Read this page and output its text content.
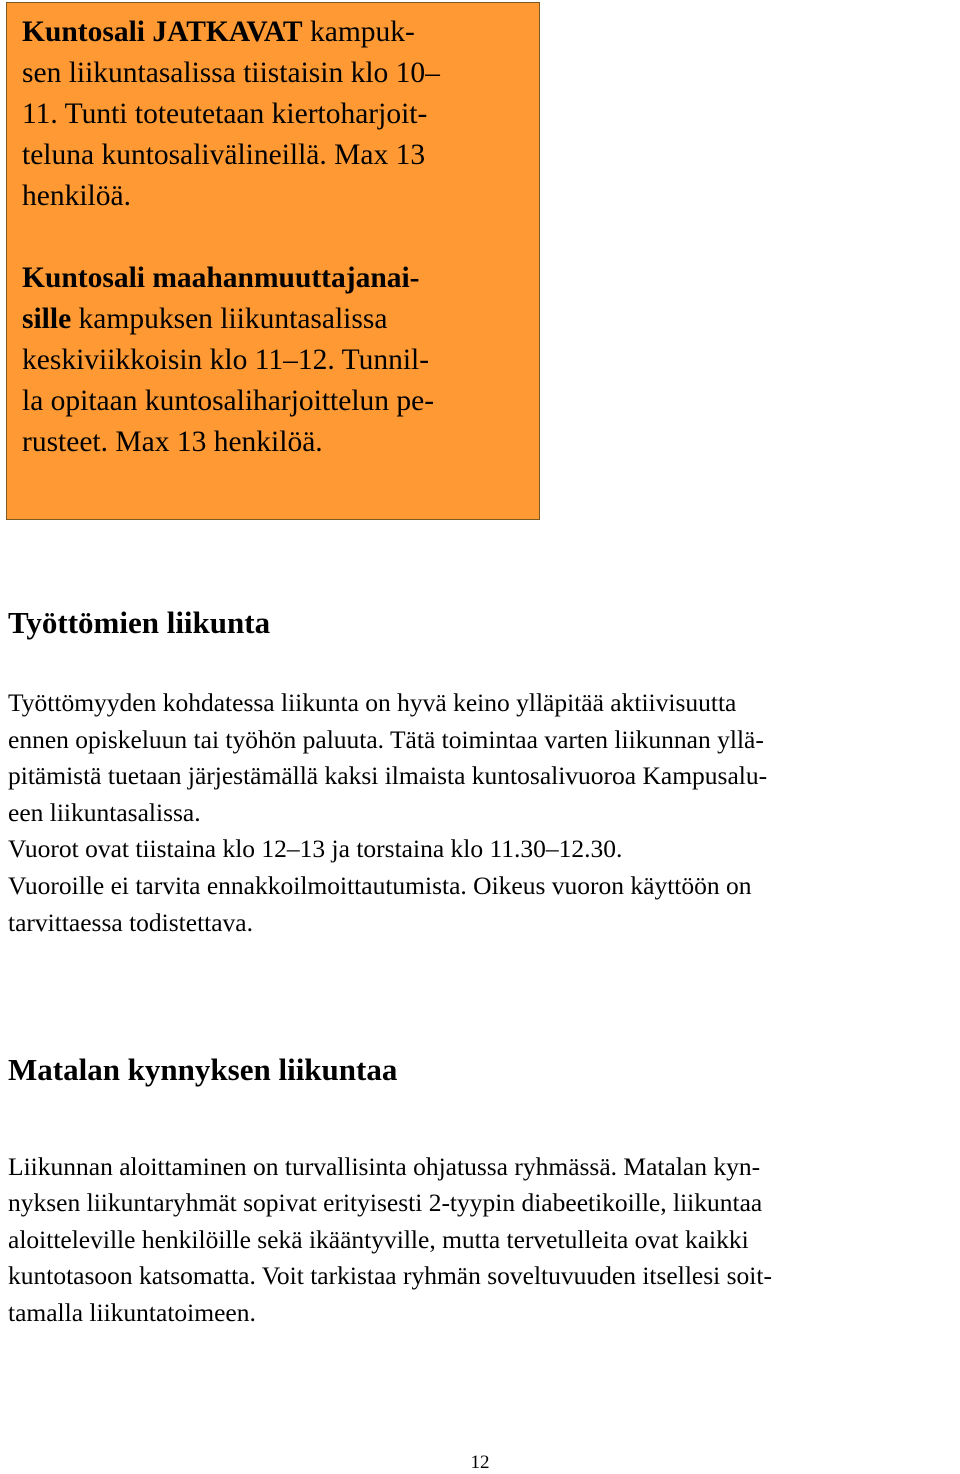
Kuntosali JATKAVAT kampuk-
sen liikuntasalissa tiistaisin klo 10–
11. Tunti toteutetaan kiertoharjoit-
teluna kuntosalivälineillä. Max 13
henkilöä.

Kuntosali maahanmuuttajanai-
sille kampuksen liikuntasalissa
keskiviikkoisin klo 11–12. Tunnil-
la opitaan kuntosaliharjoittelun pe-
rusteet. Max 13 henkilöä.

Työttömien liikunta

Työttömyyden kohdatessa liikunta on hyvä keino ylläpitää aktiivisuutta
ennen opiskeluun tai työhön paluuta. Tätä toimintaa varten liikunnan yllä-
pitämistä tuetaan järjestämällä kaksi ilmaista kuntosalivuoroa Kampusalu-
een liikuntasalissa.
Vuorot ovat tiistaina klo 12–13 ja torstaina klo 11.30–12.30.
Vuoroille ei tarvita ennakkoilmoittautumista. Oikeus vuoron käyttöön on
tarvittaessa todistettava.

Matalan kynnyksen liikuntaa

Liikunnan aloittaminen on turvallisinta ohjatussa ryhmässä. Matalan kyn-
nyksen liikuntaryhmät sopivat erityisesti 2-tyypin diabeetikoille, liikuntaa
aloitteleville henkilöille sekä ikääntyville, mutta tervetulleita ovat kaikki
kuntotasoon katsomatta. Voit tarkistaa ryhmän soveltuvuuden itsellesi soit-
tamalla liikuntatoimeen.

12
